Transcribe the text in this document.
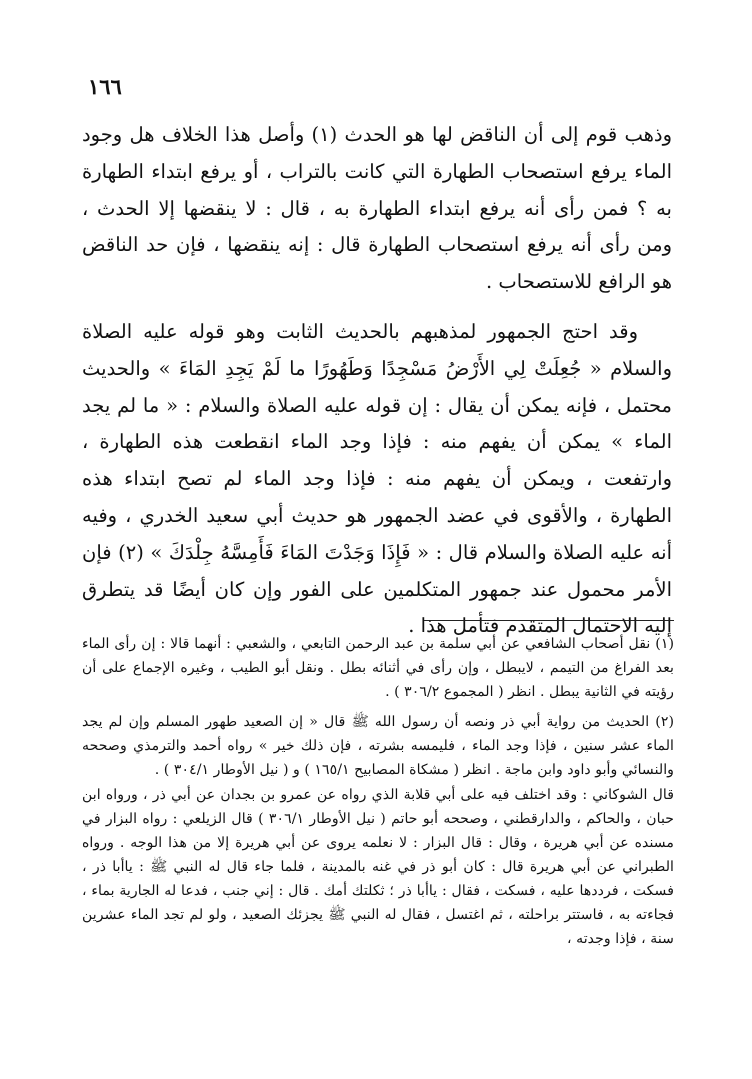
١٦٦

وذهب قوم إلى أن الناقض لها هو الحدث (١) وأصل هذا الخلاف هل وجود الماء يرفع استصحاب الطهارة التي كانت بالتراب ، أو يرفع ابتداء الطهارة به ؟ فمن رأى أنه يرفع ابتداء الطهارة به ، قال : لا ينقضها إلا الحدث ، ومن رأى أنه يرفع استصحاب الطهارة قال : إنه ينقضها ، فإن حد الناقض هو الرافع للاستصحاب .

وقد احتج الجمهور لمذهبهم بالحديث الثابت وهو قوله عليه الصلاة والسلام « جُعِلَتْ لِي الأَرْضُ مَسْجِدًا وَطَهُورًا ما لَمْ يَجِدِ المَاءَ » والحديث محتمل ، فإنه يمكن أن يقال : إن قوله عليه الصلاة والسلام : « ما لم يجد الماء » يمكن أن يفهم منه : فإذا وجد الماء انقطعت هذه الطهارة ، وارتفعت ، ويمكن أن يفهم منه : فإذا وجد الماء لم تصح ابتداء هذه الطهارة ، والأقوى في عضد الجمهور هو حديث أبي سعيد الخدري ، وفيه أنه عليه الصلاة والسلام قال : « فَإِذَا وَجَدْتَ المَاءَ فَأَمِسَّهُ جِلْدَكَ » (٢) فإن الأمر محمول عند جمهور المتكلمين على الفور وإن كان أيضًا قد يتطرق إليه الاحتمال المتقدم فتأمل هذا .

(١) نقل أصحاب الشافعي عن أبي سلمة بن عبد الرحمن التابعي ، والشعبي : أنهما قالا : إن رأى الماء بعد الفراغ من التيمم ، لايبطل ، وإن رأى في أثنائه بطل . ونقل أبو الطيب ، وغيره الإجماع على أن رؤيته في الثانية يبطل . انظر ( المجموع ٣٠٦/٢ ) .

(٢) الحديث من رواية أبي ذر ونصه أن رسول الله ﷺ قال « إن الصعيد طهور المسلم وإن لم يجد الماء عشر سنين ، فإذا وجد الماء ، فليمسه بشرته ، فإن ذلك خير » رواه أحمد والترمذي وصححه والنسائي وأبو داود وابن ماجة . انظر ( مشكاة المصابيح ١٦٥/١ ) و ( نيل الأوطار ٣٠٤/١ ) .

قال الشوكاني : وقد اختلف فيه على أبي قلابة الذي رواه عن عمرو بن بجدان عن أبي ذر ، ورواه ابن حبان ، والحاكم ، والدارقطني ، وصححه أبو حاتم ( نيل الأوطار ٣٠٦/١ ) قال الزيلعي : رواه البزار في مسنده عن أبي هريرة ، وقال : قال البزار : لا نعلمه يروى عن أبي هريرة إلا من هذا الوجه . ورواه الطبراني عن أبي هريرة قال : كان أبو ذر في غنه بالمدينة ، فلما جاء قال له النبي ﷺ : ياأبا ذر ، فسكت ، فرددها عليه ، فسكت ، فقال : ياأبا ذر ؛ ثكلتك أمك . قال : إني جنب ، فدعا له الجارية بماء ، فجاءته به ، فاستتر براحلته ، ثم اغتسل ، فقال له النبي ﷺ يجزئك الصعيد ، ولو لم تجد الماء عشرين سنة ، فإذا وجدته ،
